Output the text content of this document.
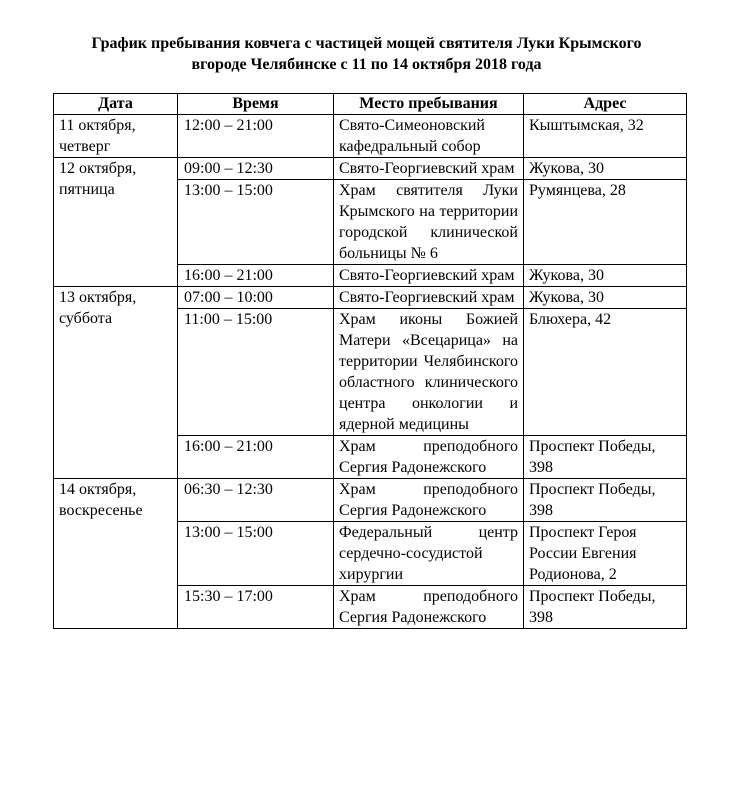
График пребывания ковчега с частицей мощей святителя Луки Крымского
вгороде Челябинске с 11 по 14 октября 2018 года
Дата	Время	Место пребывания	Адрес
11 октября,
четверг	12:00 – 21:00	Свято-Симеоновский кафедральный собор	Кыштымская, 32
12 октября,
пятница	09:00 – 12:30	Свято-Георгиевский храм	Жукова, 30
	13:00 – 15:00	Храм святителя Луки Крымского на территории городской клинической больницы № 6	Румянцева, 28
	16:00 – 21:00	Свято-Георгиевский храм	Жукова, 30
13 октября,
суббота	07:00 – 10:00	Свято-Георгиевский храм	Жукова, 30
	11:00 – 15:00	Храм иконы Божией Матери «Всецарица» на территории Челябинского областного клинического центра онкологии и ядерной медицины	Блюхера, 42
	16:00 – 21:00	Храм преподобного Сергия Радонежского	Проспект Победы, 398
14 октября,
воскресенье	06:30 – 12:30	Храм преподобного Сергия Радонежского	Проспект Победы, 398
	13:00 – 15:00	Федеральный центр сердечно-сосудистой хирургии	Проспект Героя России Евгения Родионова, 2
	15:30 – 17:00	Храм преподобного Сергия Радонежского	Проспект Победы, 398
